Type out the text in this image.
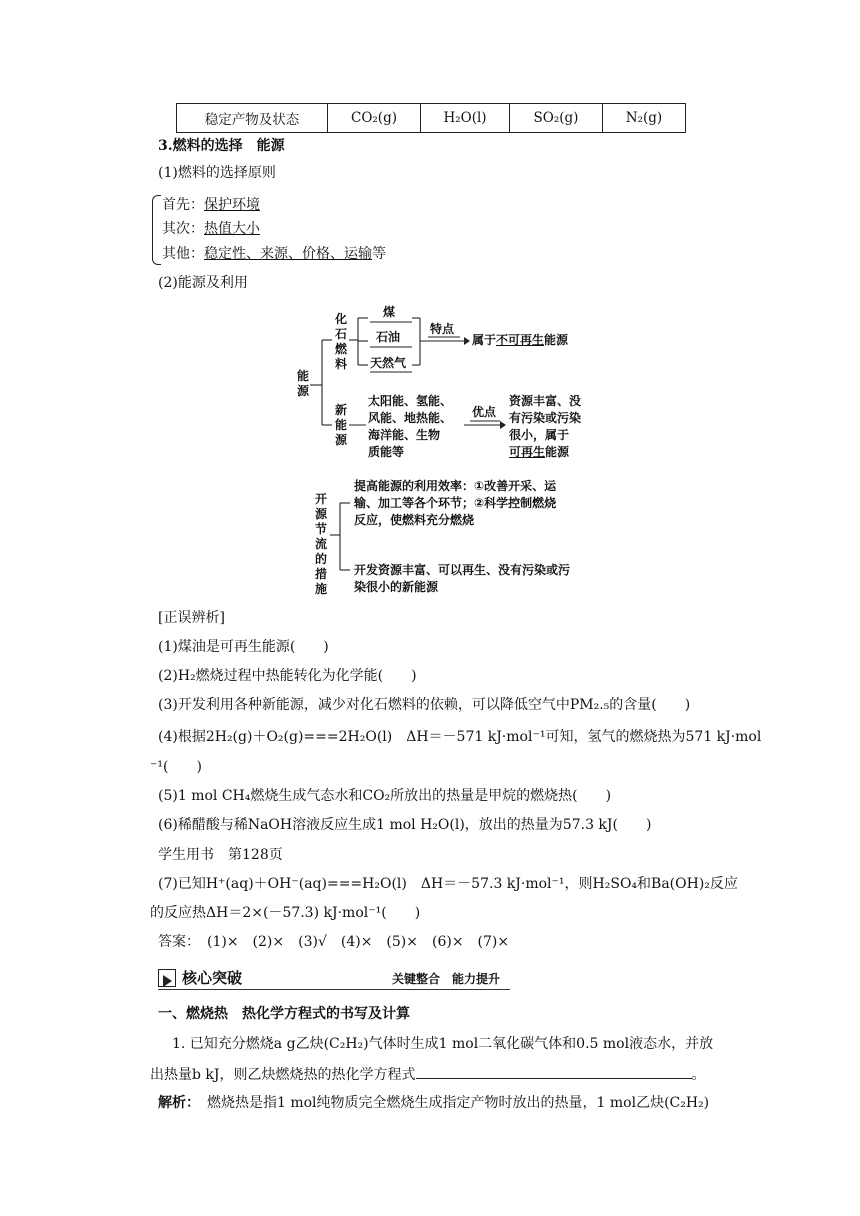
稳定产物及状态	CO₂(g)	H₂O(l)	SO₂(g)	N₂(g)
3.燃料的选择　能源
(1)燃料的选择原则
首先：保护环境
其次：热值大小
其他：稳定性、来源、价格、运输等
(2)能源及利用
能源
化石燃料
煤
石油
天然气
特点
属于不可再生能源
新能源
太阳能、氢能、
风能、地热能、
海洋能、生物
质能等
优点
资源丰富、没
有污染或污染
很小，属于
可再生能源
开源节流的措施
提高能源的利用效率：①改善开采、运
输、加工等各个环节；②科学控制燃烧
反应，使燃料充分燃烧
开发资源丰富、可以再生、没有污染或污
染很小的新能源
[正误辨析]
(1)煤油是可再生能源(　　)
(2)H₂燃烧过程中热能转化为化学能(　　)
(3)开发利用各种新能源，减少对化石燃料的依赖，可以降低空气中PM₂.₅的含量(　　)
(4)根据2H₂(g)＋O₂(g)===2H₂O(l)　ΔH＝－571 kJ·mol⁻¹可知，氢气的燃烧热为571 kJ·mol
⁻¹(　　)
(5)1 mol CH₄燃烧生成气态水和CO₂所放出的热量是甲烷的燃烧热(　　)
(6)稀醋酸与稀NaOH溶液反应生成1 mol H₂O(l)，放出的热量为57.3 kJ(　　)
学生用书　第128页
(7)已知H⁺(aq)＋OH⁻(aq)===H₂O(l)　ΔH＝－57.3 kJ·mol⁻¹，则H₂SO₄和Ba(OH)₂反应
的反应热ΔH＝2×(－57.3) kJ·mol⁻¹(　　)
答案：　(1)×　(2)×　(3)√　(4)×　(5)×　(6)×　(7)×
核心突破	关键整合　能力提升
一、燃烧热　热化学方程式的书写及计算
1. 已知充分燃烧a g乙炔(C₂H₂)气体时生成1 mol二氧化碳气体和0.5 mol液态水，并放
出热量b kJ，则乙炔燃烧热的热化学方程式	。
解析：　 燃烧热是指1 mol纯物质完全燃烧生成指定产物时放出的热量，1 mol乙炔(C₂H₂)
